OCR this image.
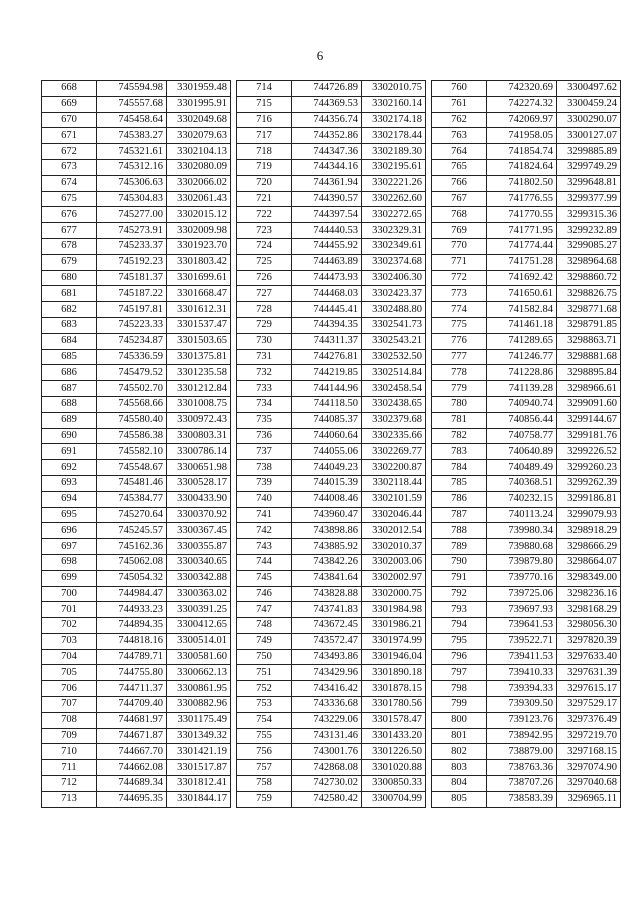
6
668	745594.98	3301959.48
669	745557.68	3301995.91
670	745458.64	3302049.68
671	745383.27	3302079.63
672	745321.61	3302104.13
673	745312.16	3302080.09
674	745306.63	3302066.02
675	745304.83	3302061.43
676	745277.00	3302015.12
677	745273.91	3302009.98
678	745233.37	3301923.70
679	745192.23	3301803.42
680	745181.37	3301699.61
681	745187.22	3301668.47
682	745197.81	3301612.31
683	745223.33	3301537.47
684	745234.87	3301503.65
685	745336.59	3301375.81
686	745479.52	3301235.58
687	745502.70	3301212.84
688	745568.66	3301008.75
689	745580.40	3300972.43
690	745586.38	3300803.31
691	745582.10	3300786.14
692	745548.67	3300651.98
693	745481.46	3300528.17
694	745384.77	3300433.90
695	745270.64	3300370.92
696	745245.57	3300367.45
697	745162.36	3300355.87
698	745062.08	3300340.65
699	745054.32	3300342.88
700	744984.47	3300363.02
701	744933.23	3300391.25
702	744894.35	3300412.65
703	744818.16	3300514.01
704	744789.71	3300581.60
705	744755.80	3300662.13
706	744711.37	3300861.95
707	744709.40	3300882.96
708	744681.97	3301175.49
709	744671.87	3301349.32
710	744667.70	3301421.19
711	744662.08	3301517.87
712	744689.34	3301812.41
713	744695.35	3301844.17
714	744726.89	3302010.75
715	744369.53	3302160.14
716	744356.74	3302174.18
717	744352.86	3302178.44
718	744347.36	3302189.30
719	744344.16	3302195.61
720	744361.94	3302221.26
721	744390.57	3302262.60
722	744397.54	3302272.65
723	744440.53	3302329.31
724	744455.92	3302349.61
725	744463.89	3302374.68
726	744473.93	3302406.30
727	744468.03	3302423.37
728	744445.41	3302488.80
729	744394.35	3302541.73
730	744311.37	3302543.21
731	744276.81	3302532.50
732	744219.85	3302514.84
733	744144.96	3302458.54
734	744118.50	3302438.65
735	744085.37	3302379.68
736	744060.64	3302335.66
737	744055.06	3302269.77
738	744049.23	3302200.87
739	744015.39	3302118.44
740	744008.46	3302101.59
741	743960.47	3302046.44
742	743898.86	3302012.54
743	743885.92	3302010.37
744	743842.26	3302003.06
745	743841.64	3302002.97
746	743828.88	3302000.75
747	743741.83	3301984.98
748	743672.45	3301986.21
749	743572.47	3301974.99
750	743493.86	3301946.04
751	743429.96	3301890.18
752	743416.42	3301878.15
753	743336.68	3301780.56
754	743229.06	3301578.47
755	743131.46	3301433.20
756	743001.76	3301226.50
757	742868.08	3301020.88
758	742730.02	3300850.33
759	742580.42	3300704.99
760	742320.69	3300497.62
761	742274.32	3300459.24
762	742069.97	3300290.07
763	741958.05	3300127.07
764	741854.74	3299885.89
765	741824.64	3299749.29
766	741802.50	3299648.81
767	741776.55	3299377.99
768	741770.55	3299315.36
769	741771.95	3299232.89
770	741774.44	3299085.27
771	741751.28	3298964.68
772	741692.42	3298860.72
773	741650.61	3298826.75
774	741582.84	3298771.68
775	741461.18	3298791.85
776	741289.65	3298863.71
777	741246.77	3298881.68
778	741228.86	3298895.84
779	741139.28	3298966.61
780	740940.74	3299091.60
781	740856.44	3299144.67
782	740758.77	3299181.76
783	740640.89	3299226.52
784	740489.49	3299260.23
785	740368.51	3299262.39
786	740232.15	3299186.81
787	740113.24	3299079.93
788	739980.34	3298918.29
789	739880.68	3298666.29
790	739879.80	3298664.07
791	739770.16	3298349.00
792	739725.06	3298236.16
793	739697.93	3298168.29
794	739641.53	3298056.30
795	739522.71	3297820.39
796	739411.53	3297633.40
797	739410.33	3297631.39
798	739394.33	3297615.17
799	739309.50	3297529.17
800	739123.76	3297376.49
801	738942.95	3297219.70
802	738879.00	3297168.15
803	738763.36	3297074.90
804	738707.26	3297040.68
805	738583.39	3296965.11
